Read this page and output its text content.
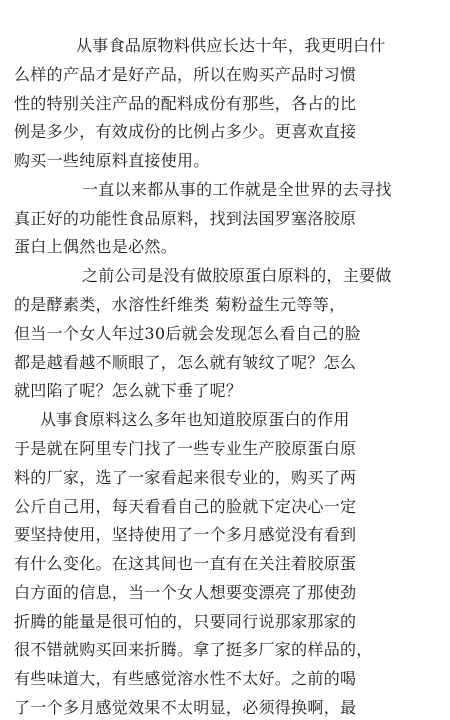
从事食品原物料供应长达十年，我更明白什
么样的产品才是好产品，所以在购买产品时习惯
性的特别关注产品的配料成份有那些，各占的比
例是多少，有效成份的比例占多少。更喜欢直接
购买一些纯原料直接使用。
一直以来都从事的工作就是全世界的去寻找
真正好的功能性食品原料，找到法国罗塞洛胶原
蛋白上偶然也是必然。
之前公司是没有做胶原蛋白原料的，主要做
的是酵素类，水溶性纤维类 菊粉益生元等等，
但当一个女人年过30后就会发现怎么看自己的脸
都是越看越不顺眼了，怎么就有皱纹了呢？怎么
就凹陷了呢？怎么就下垂了呢？
从事食原料这么多年也知道胶原蛋白的作用
于是就在阿里专门找了一些专业生产胶原蛋白原
料的厂家，选了一家看起来很专业的，购买了两
公斤自己用，每天看看自己的脸就下定决心一定
要坚持使用，坚持使用了一个多月感觉没有看到
有什么变化。在这其间也一直有在关注着胶原蛋
白方面的信息，当一个女人想要变漂亮了那使劲
折腾的能量是很可怕的，只要同行说那家那家的
很不错就购买回来折腾。拿了挺多厂家的样品的，
有些味道大，有些感觉溶水性不太好。之前的喝
了一个多月感觉效果不太明显，必须得换啊，最
